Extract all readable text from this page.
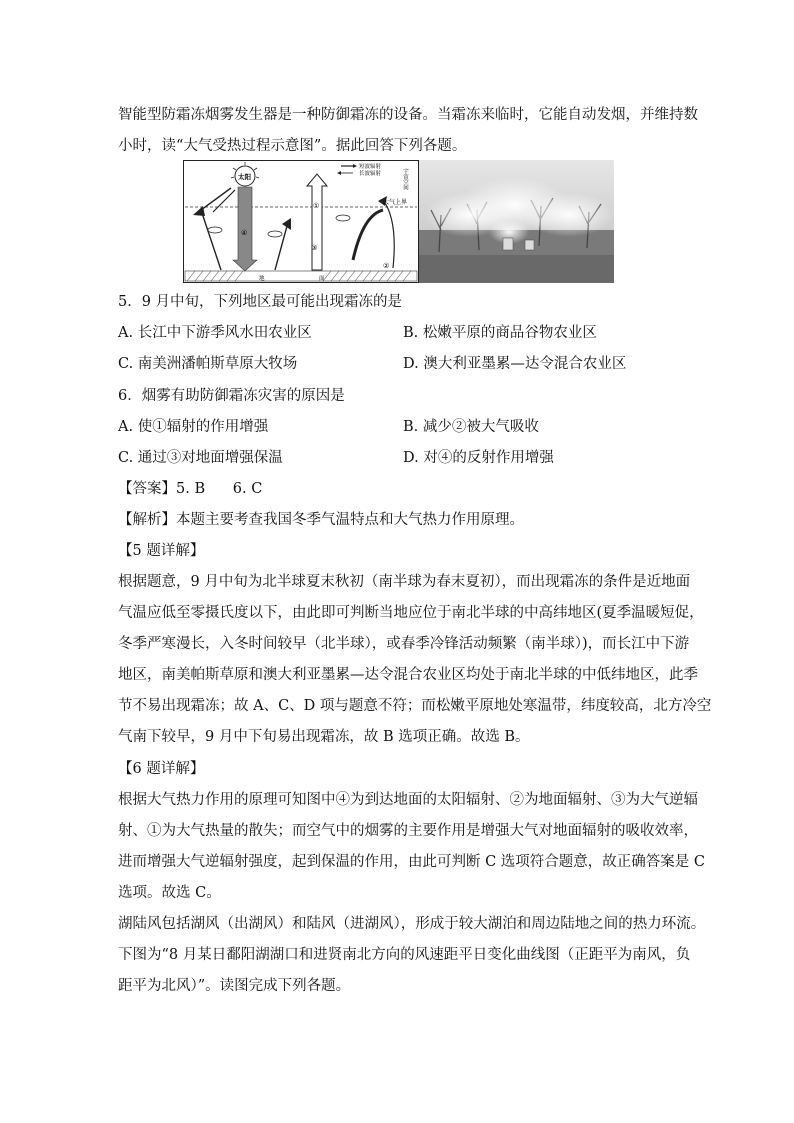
智能型防霜冻烟雾发生器是一种防御霜冻的设备。当霜冻来临时，它能自动发烟，并维持数
小时，读“大气受热过程示意图”。据此回答下列各题。
太阳
④
①
③
②
短波辐射
长波辐射	宇宙空间
大气上界
地	面
5．9 月中旬，下列地区最可能出现霜冻的是
A. 长江中下游季风水田农业区	B. 松嫩平原的商品谷物农业区
C. 南美洲潘帕斯草原大牧场	D. 澳大利亚墨累—达令混合农业区
6．烟雾有助防御霜冻灾害的原因是
A. 使①辐射的作用增强	B. 减少②被大气吸收
C. 通过③对地面增强保温	D. 对④的反射作用增强
【答案】5. B      6. C
【解析】本题主要考查我国冬季气温特点和大气热力作用原理。
【5 题详解】
根据题意，9 月中旬为北半球夏末秋初（南半球为春末夏初），而出现霜冻的条件是近地面
气温应低至零摄氏度以下，由此即可判断当地应位于南北半球的中高纬地区(夏季温暖短促，
冬季严寒漫长，入冬时间较早（北半球），或春季冷锋活动频繁（南半球）)，而长江中下游
地区，南美帕斯草原和澳大利亚墨累—达令混合农业区均处于南北半球的中低纬地区，此季
节不易出现霜冻；故 A、C、D 项与题意不符；而松嫩平原地处寒温带，纬度较高，北方冷空
气南下较早，9 月中下旬易出现霜冻，故 B 选项正确。故选 B。
【6 题详解】
根据大气热力作用的原理可知图中④为到达地面的太阳辐射、②为地面辐射、③为大气逆辐
射、①为大气热量的散失；而空气中的烟雾的主要作用是增强大气对地面辐射的吸收效率，
进而增强大气逆辐射强度，起到保温的作用，由此可判断 C 选项符合题意，故正确答案是 C
选项。故选 C。
湖陆风包括湖风（出湖风）和陆风（进湖风），形成于较大湖泊和周边陆地之间的热力环流。
下图为“8 月某日鄱阳湖湖口和进贤南北方向的风速距平日变化曲线图（正距平为南风，负
距平为北风）”。读图完成下列各题。
